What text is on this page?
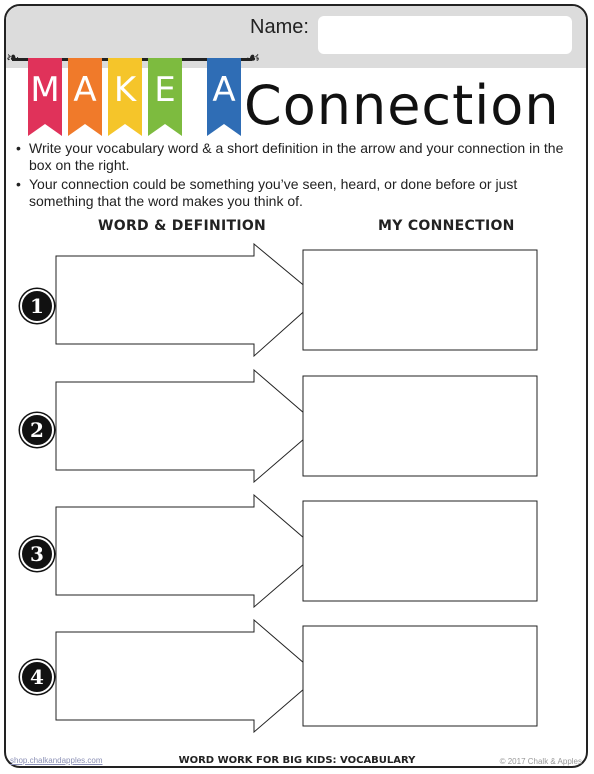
Name:
❧	☙
M A K E A Connection
• Write your vocabulary word & a short definition in the arrow and your connection in the box on the right.
• Your connection could be something you’ve seen, heard, or done before or just something that the word makes you think of.
WORD & DEFINITION	MY CONNECTION
1
2
3
4
shop.chalkandapples.com	WORD WORK FOR BIG KIDS: VOCABULARY	© 2017 Chalk & Apples
